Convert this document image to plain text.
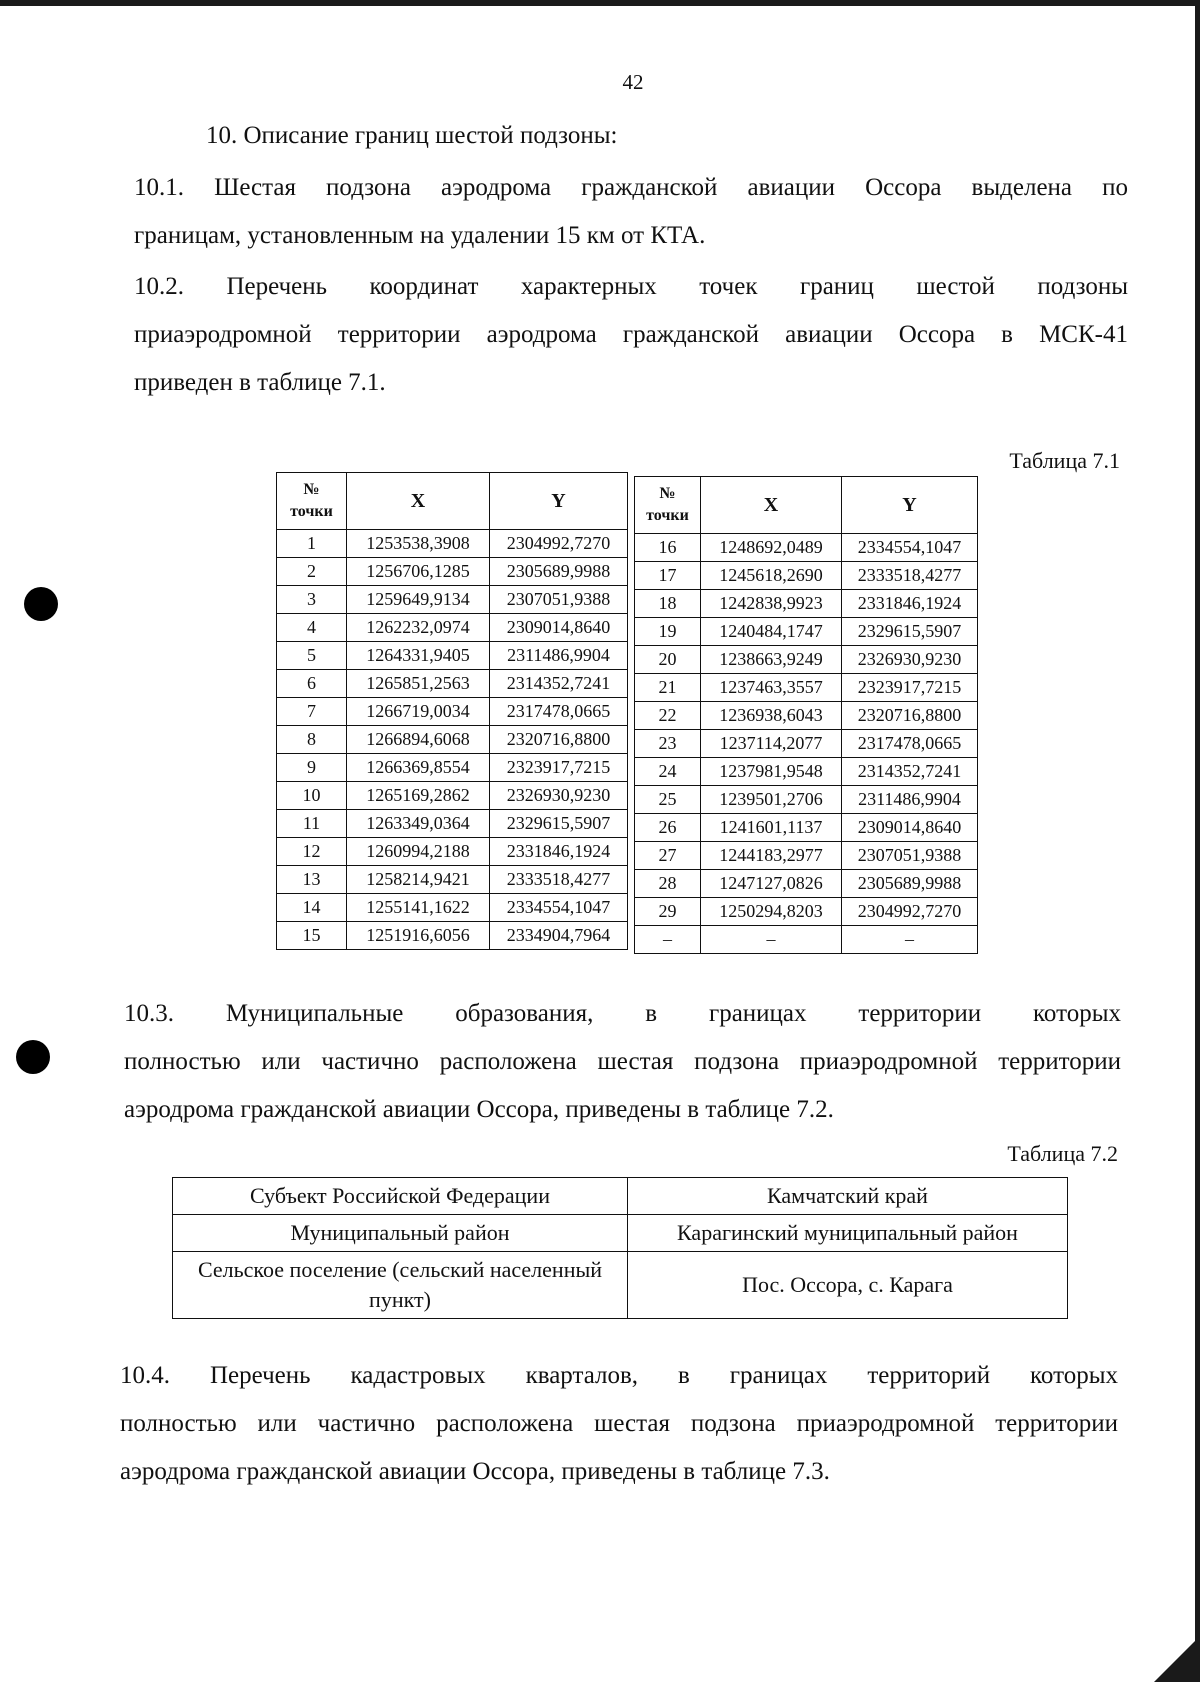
42

10. Описание границ шестой подзоны:

10.1. Шестая подзона аэродрома гражданской авиации Оссора выделена по
границам, установленным на удалении 15 км от КТА.

10.2. Перечень координат характерных точек границ шестой подзоны
приаэродромной территории аэродрома гражданской авиации Оссора в МСК-41
приведен в таблице 7.1.

Таблица 7.1
№
точки	X	Y
1	1253538,3908	2304992,7270
2	1256706,1285	2305689,9988
3	1259649,9134	2307051,9388
4	1262232,0974	2309014,8640
5	1264331,9405	2311486,9904
6	1265851,2563	2314352,7241
7	1266719,0034	2317478,0665
8	1266894,6068	2320716,8800
9	1266369,8554	2323917,7215
10	1265169,2862	2326930,9230
11	1263349,0364	2329615,5907
12	1260994,2188	2331846,1924
13	1258214,9421	2333518,4277
14	1255141,1622	2334554,1047
15	1251916,6056	2334904,7964
№
точки	X	Y
16	1248692,0489	2334554,1047
17	1245618,2690	2333518,4277
18	1242838,9923	2331846,1924
19	1240484,1747	2329615,5907
20	1238663,9249	2326930,9230
21	1237463,3557	2323917,7215
22	1236938,6043	2320716,8800
23	1237114,2077	2317478,0665
24	1237981,9548	2314352,7241
25	1239501,2706	2311486,9904
26	1241601,1137	2309014,8640
27	1244183,2977	2307051,9388
28	1247127,0826	2305689,9988
29	1250294,8203	2304992,7270
–	–	–

10.3. Муниципальные образования, в границах территории которых
полностью или частично расположена шестая подзона приаэродромной территории
аэродрома гражданской авиации Оссора, приведены в таблице 7.2.

Таблица 7.2
Субъект Российской Федерации	Камчатский край
Муниципальный район	Карагинский муниципальный район
Сельское поселение (сельский населенный пункт)	Пос. Оссора, с. Карага

10.4. Перечень кадастровых кварталов, в границах территорий которых
полностью или частично расположена шестая подзона приаэродромной территории
аэродрома гражданской авиации Оссора, приведены в таблице 7.3.
